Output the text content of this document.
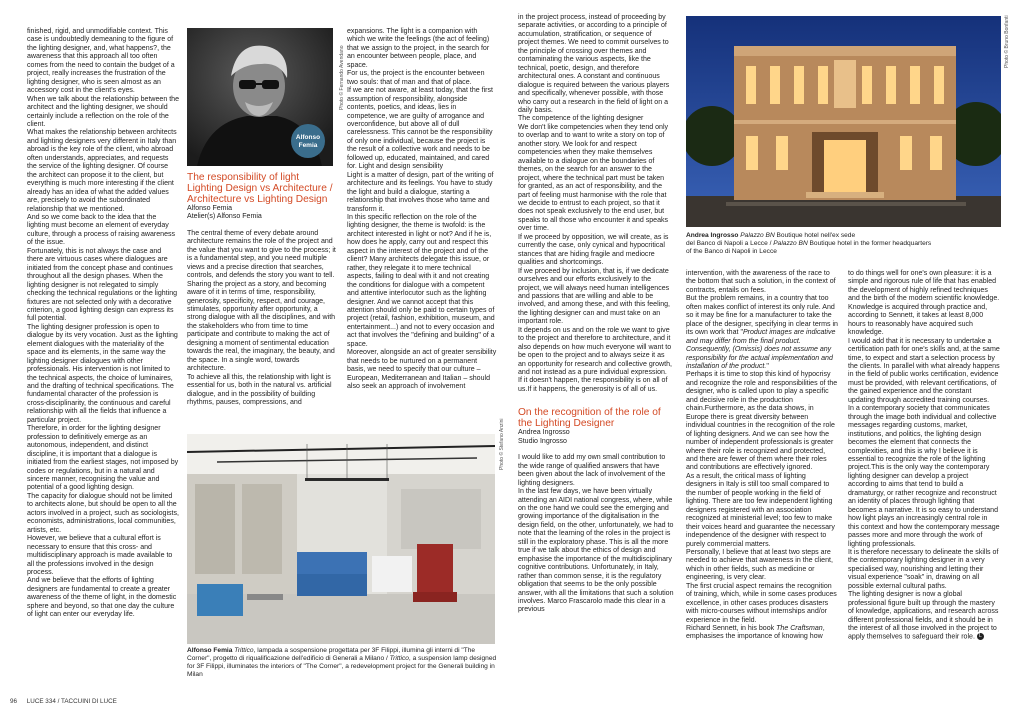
finished, rigid, and unmodifiable context. This case is undoubtedly demeaning to the figure of the lighting designer, and, what happens?, the awareness that this approach all too often comes from the need to contain the budget of a project, really increases the frustration of the lighting designer, who is seen almost as an accessory cost in the client's eyes.

When we talk about the relationship between the architect and the lighting designer, we should certainly include a reflection on the role of the client.

What makes the relationship between architects and lighting designers very different in Italy than abroad is the key role of the client, who abroad often understands, appreciates, and requests the service of the lighting designer. Of course the architect can propose it to the client, but everything is much more interesting if the client already has an idea of what the added values are, precisely to avoid the subordinated relationship that we mentioned.

And so we come back to the idea that the lighting must become an element of everyday culture, through a process of raising awareness of the issue.

Fortunately, this is not always the case and there are virtuous cases where dialogues are initiated from the concept phase and continues throughout all the design phases. When the lighting designer is not relegated to simply checking the technical regulations or the lighting fixtures are not selected only with a decorative criterion, a good lighting design can express its full potential.

The lighting designer profession is open to dialogue by its very vocation. Just as the lighting element dialogues with the materiality of the space and its elements, in the same way the lighting designer dialogues with other professionals. His intervention is not limited to the technical aspects, the choice of luminaires, and the drafting of technical specifications. The fundamental character of the profession is cross-disciplinarity, the continuous and careful relationship with all the fields that influence a particular project.

Therefore, in order for the lighting designer profession to definitively emerge as an autonomous, independent, and distinct discipline, it is important that a dialogue is initiated from the earliest stages, not imposed by codes or regulations, but in a natural and sincere manner, recognising the value and potential of a good lighting design.

The capacity for dialogue should not be limited to architects alone, but should be open to all the actors involved in a project, such as sociologists, economists, administrations, local communities, artists, etc.

However, we believe that a cultural effort is necessary to ensure that this cross- and multidisciplinary approach is made available to all the professions involved in the design process.

And we believe that the efforts of lighting designers are fundamental to create a greater awareness of the theme of light, in the domestic sphere and beyond, so that one day the culture of light can enter our everyday life.

Alfonso
Femia
Photo © Fernando Avendano

The responsibility of light Lighting Design vs Architecture / Architecture vs Lighting Design

Alfonso Femia

Atelier(s) Alfonso Femia

The central theme of every debate around architecture remains the role of the project and the value that you want to give to the process; it is a fundamental step, and you need multiple views and a precise direction that searches, controls, and defends the story you want to tell. Sharing the project as a story, and becoming aware of it in terms of time, responsibility, generosity, specificity, respect, and courage, stimulates, opportunity after opportunity, a strong dialogue with all the disciplines, and with the stakeholders who from time to time participate and contribute to making the act of designing a moment of sentimental education towards the real, the imaginary, the beauty, and the space. In a single word, towards architecture.

To achieve all this, the relationship with light is essential for us, both in the natural vs. artificial dialogue, and in the possibility of building rhythms, pauses, compressions, and

expansions. The light is a companion with which we write the feelings (the act of feeling) that we assign to the project, in the search for an encounter between people, place, and space.

For us, the project is the encounter between two souls: that of man and that of place.

If we are not aware, at least today, that the first assumption of responsibility, alongside contents, poetics, and ideas, lies in competence, we are guilty of arrogance and overconfidence, but above all of dull carelessness. This cannot be the responsibility of only one individual, because the project is the result of a collective work and needs to be followed up, educated, maintained, and cared for. Light and design sensibility

Light is a matter of design, part of the writing of architecture and its feelings. You have to study the light and build a dialogue, starting a relationship that involves those who tame and transform it.

In this specific reflection on the role of the lighting designer, the theme is twofold: is the architect interested in light or not? And if he is, how does he apply, carry out and respect this aspect in the interest of the project and of the client? Many architects delegate this issue, or rather, they relegate it to mere technical aspects, failing to deal with it and not creating the conditions for dialogue with a competent and attentive interlocutor such as the lighting designer. And we cannot accept that this attention should only be paid to certain types of project (retail, fashion, exhibition, museum, and entertainment...) and not to every occasion and act that involves the "defining and building" of a space.

Moreover, alongside an act of greater sensibility that needs to be nurtured on a permanent basis, we need to specify that our culture – European, Mediterranean and Italian – should also seek an approach of involvement

Photo © Stefano Anzini
Alfonso Femia Trittico, lampada a sospensione progettata per 3F Filippi, illumina gli interni di "The Corner", progetto di riqualificazione dell'edificio di Generali a Milano / Trittico, a suspension lamp designed for 3F Filippi, illuminates the interiors of "The Corner", a redevelopment project for the Generali building in Milan

in the project process, instead of proceeding by separate activities, or according to a principle of accumulation, stratification, or sequence of project themes. We need to commit ourselves to the principle of crossing over themes and contaminating the various aspects, like the technical, poetic, design, and therefore architectural ones. A constant and continuous dialogue is required between the various players and specifically, whenever possible, with those who carry out a research in the field of light on a daily basis.

The competence of the lighting designer

We don't like competencies when they tend only to overlap and to want to write a story on top of another story. We look for and respect competencies when they make themselves available to a dialogue on the boundaries of themes, on the search for an answer to the project, where the technical part must be taken for granted, as an act of responsibility, and the part of feeling must harmonise with the role that we decide to entrust to each project, so that it does not speak exclusively to the end user, but speaks to all those who encounter it and speaks over time.

If we proceed by opposition, we will create, as is currently the case, only cynical and hypocritical stances that are hiding fragile and mediocre qualities and shortcomings.

If we proceed by inclusion, that is, if we dedicate ourselves and our efforts exclusively to the project, we will always need human intelligences and passions that are willing and able to be involved, and among these, and with this feeling, the lighting designer can and must take on an important role.

It depends on us and on the role we want to give to the project and therefore to architecture, and it also depends on how much everyone will want to be open to the project and to always seize it as an opportunity for research and collective growth, and not instead as a pure individual expression.

If it doesn't happen, the responsibility is on all of us.If it happens, the generosity is of all of us.

On the recognition of the role of the Lighting Designer

Andrea Ingrosso

Studio Ingrosso

I would like to add my own small contribution to the wide range of qualified answers that have been given about the lack of involvement of the lighting designers.

In the last few days, we have been virtually attending an AIDI national congress, where, while on the one hand we could see the emerging and growing importance of the digitalisation in the design field, on the other, unfortunately, we had to note that the learning of the roles in the project is still in the exploratory phase. This is all the more true if we talk about the ethics of design and emphasise the importance of the multidisciplinary cognitive contributions. Unfortunately, in Italy, rather than common sense, it is the regulatory obligation that seems to be the only possible answer, with all the limitations that such a solution involves. Marco Frascarolo made this clear in a previous

Photo © Bruno Bonfanti
Andrea Ingrosso Palazzo BN Boutique hotel nell'ex sede
del Banco di Napoli a Lecce / Palazzo BN Boutique hotel in the former headquarters
of the Banco di Napoli in Lecce

intervention, with the awareness of the race to the bottom that such a solution, in the context of contracts, entails on fees.

But the problem remains, in a country that too often makes conflict of interest its only rule. And so it may be fine for a manufacturer to take the place of the designer, specifying in clear terms in its own work that "Product images are indicative and may differ from the final product. Consequently, (Omissis) does not assume any responsibility for the actual implementation and installation of the product."

Perhaps it is time to stop this kind of hypocrisy and recognize the role and responsibilities of the designer, who is called upon to play a specific and decisive role in the production chain.Furthermore, as the data shows, in Europe there is great diversity between individual countries in the recognition of the role of lighting designers. And we can see how the number of independent professionals is greater where their role is recognized and protected, and there are fewer of them where their roles and contributions are effectively ignored.

As a result, the critical mass of lighting designers in Italy is still too small compared to the number of people working in the field of lighting. There are too few independent lighting designers registered with an association recognized at ministerial level; too few to make their voices heard and guarantee the necessary independence of the designer with respect to purely commercial matters.

Personally, I believe that at least two steps are needed to achieve that awareness in the client, which in other fields, such as medicine or engineering, is very clear.

The first crucial aspect remains the recognition of training, which, while in some cases produces excellence, in other cases produces disasters with micro-courses without internships and/or experience in the field.

Richard Sennett, in his book The Craftsman, emphasises the importance of knowing how

to do things well for one's own pleasure: it is a simple and rigorous rule of life that has enabled the development of highly refined techniques and the birth of the modern scientific knowledge. Knowledge is acquired through practice and, according to Sennett, it takes at least 8,000 hours to reasonably have acquired such knowledge.

I would add that it is necessary to undertake a certification path for one's skills and, at the same time, to expect and start a selection process by the clients. In parallel with what already happens in the field of public works certification, evidence must be provided, with relevant certifications, of the gained experience and the constant updating through accredited training courses.

In a contemporary society that communicates through the image both individual and collective messages regarding customs, market, institutions, and politics, the lighting design becomes the element that connects the complexities, and this is why I believe it is essential to recognize the role of the lighting project.This is the only way the contemporary lighting designer can develop a project according to aims that tend to build a dramaturgy, or rather recognize and reconstruct an identity of places through lighting that becomes a narrative. It is so easy to understand how light plays an increasingly central role in this context and how the contemporary message passes more and more through the work of lighting professionals.

It is therefore necessary to delineate the skills of the contemporary lighting designer in a very specialised way, nourishing and letting their visual experience "soak" in, drawing on all possible external cultural paths.

The lighting designer is now a global professional figure built up through the mastery of knowledge, applications, and research across different professional fields, and it should be in the interest of all those involved in the project to apply themselves to safeguard their role. L

96 LUCE 334 / TACCUINI DI LUCE
